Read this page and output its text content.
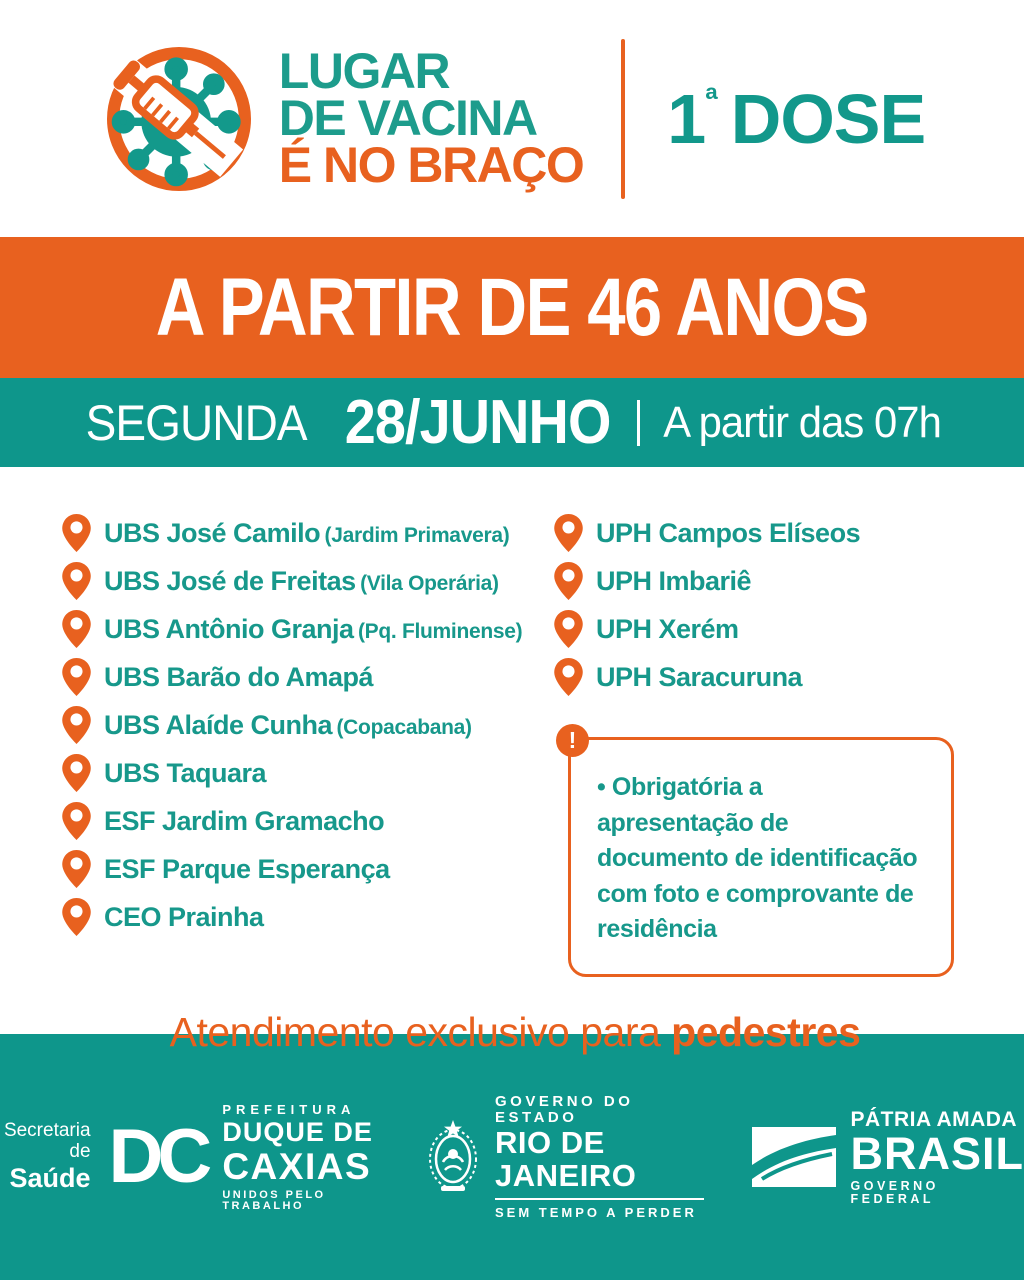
LUGAR
DE VACINA
É NO BRAÇO
1 ª DOSE
A PARTIR DE 46 ANOS
SEGUNDA 28/JUNHO A partir das 07h
UBS José Camilo (Jardim Primavera)
UBS José de Freitas (Vila Operária)
UBS Antônio Granja (Pq. Fluminense)
UBS Barão do Amapá
UBS Alaíde Cunha (Copacabana)
UBS Taquara
ESF Jardim Gramacho
ESF Parque Esperança
CEO Prainha
UPH Campos Elíseos
UPH Imbariê
UPH Xerém
UPH Saracuruna
!
• Obrigatória a apresentação de documento de identificação com foto e comprovante de residência
Atendimento exclusivo para pedestres
Secretaria de
Saúde DC
PREFEITURA
DUQUE DE
CAXIAS
UNIDOS PELO TRABALHO
GOVERNO DO ESTADO
RIO DE JANEIRO
SEM TEMPO A PERDER
PÁTRIA AMADA
BRASIL
GOVERNO FEDERAL
